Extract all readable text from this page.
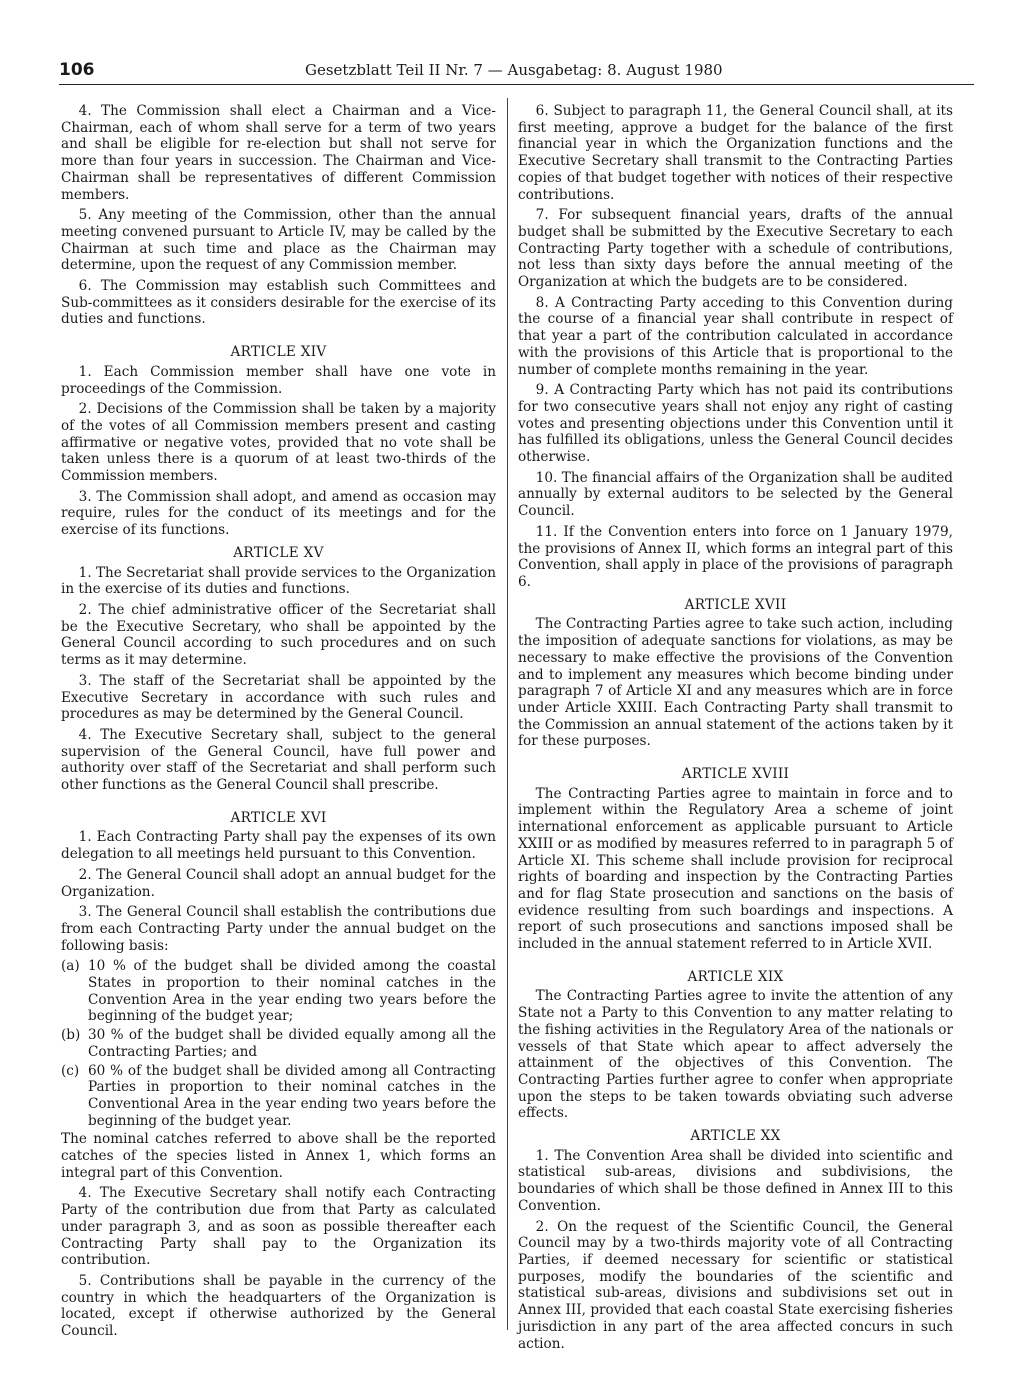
106	Gesetzblatt Teil II Nr. 7 — Ausgabetag: 8. August 1980

4. The Commission shall elect a Chairman and a Vice-Chairman, each of whom shall serve for a term of two years and shall be eligible for re-election but shall not serve for more than four years in succession. The Chairman and Vice-Chairman shall be representatives of different Commission members.

5. Any meeting of the Commission, other than the annual meeting convened pursuant to Article IV, may be called by the Chairman at such time and place as the Chairman may determine, upon the request of any Commission member.

6. The Commission may establish such Committees and Sub-committees as it considers desirable for the exercise of its duties and functions.

ARTICLE XIV

1. Each Commission member shall have one vote in proceedings of the Commission.

2. Decisions of the Commission shall be taken by a majority of the votes of all Commission members present and casting affirmative or negative votes, provided that no vote shall be taken unless there is a quorum of at least two-thirds of the Commission members.

3. The Commission shall adopt, and amend as occasion may require, rules for the conduct of its meetings and for the exercise of its functions.

ARTICLE XV

1. The Secretariat shall provide services to the Organization in the exercise of its duties and functions.

2. The chief administrative officer of the Secretariat shall be the Executive Secretary, who shall be appointed by the General Council according to such procedures and on such terms as it may determine.

3. The staff of the Secretariat shall be appointed by the Executive Secretary in accordance with such rules and procedures as may be determined by the General Council.

4. The Executive Secretary shall, subject to the general supervision of the General Council, have full power and authority over staff of the Secretariat and shall perform such other functions as the General Council shall prescribe.

ARTICLE XVI

1. Each Contracting Party shall pay the expenses of its own delegation to all meetings held pursuant to this Convention.

2. The General Council shall adopt an annual budget for the Organization.

3. The General Council shall establish the contributions due from each Contracting Party under the annual budget on the following basis:

(a) 10 % of the budget shall be divided among the coastal States in proportion to their nominal catches in the Convention Area in the year ending two years before the beginning of the budget year;
(b) 30 % of the budget shall be divided equally among all the Contracting Parties; and
(c) 60 % of the budget shall be divided among all Contracting Parties in proportion to their nominal catches in the Conventional Area in the year ending two years before the beginning of the budget year.

The nominal catches referred to above shall be the reported catches of the species listed in Annex 1, which forms an integral part of this Convention.

4. The Executive Secretary shall notify each Contracting Party of the contribution due from that Party as calculated under paragraph 3, and as soon as possible thereafter each Contracting Party shall pay to the Organization its contribution.

5. Contributions shall be payable in the currency of the country in which the headquarters of the Organization is located, except if otherwise authorized by the General Council.

6. Subject to paragraph 11, the General Council shall, at its first meeting, approve a budget for the balance of the first financial year in which the Organization functions and the Executive Secretary shall transmit to the Contracting Parties copies of that budget together with notices of their respective contributions.

7. For subsequent financial years, drafts of the annual budget shall be submitted by the Executive Secretary to each Contracting Party together with a schedule of contributions, not less than sixty days before the annual meeting of the Organization at which the budgets are to be considered.

8. A Contracting Party acceding to this Convention during the course of a financial year shall contribute in respect of that year a part of the contribution calculated in accordance with the provisions of this Article that is proportional to the number of complete months remaining in the year.

9. A Contracting Party which has not paid its contributions for two consecutive years shall not enjoy any right of casting votes and presenting objections under this Convention until it has fulfilled its obligations, unless the General Council decides otherwise.

10. The financial affairs of the Organization shall be audited annually by external auditors to be selected by the General Council.

11. If the Convention enters into force on 1 January 1979, the provisions of Annex II, which forms an integral part of this Convention, shall apply in place of the provisions of paragraph 6.

ARTICLE XVII

The Contracting Parties agree to take such action, including the imposition of adequate sanctions for violations, as may be necessary to make effective the provisions of the Convention and to implement any measures which become binding under paragraph 7 of Article XI and any measures which are in force under Article XXIII. Each Contracting Party shall transmit to the Commission an annual statement of the actions taken by it for these purposes.

ARTICLE XVIII

The Contracting Parties agree to maintain in force and to implement within the Regulatory Area a scheme of joint international enforcement as applicable pursuant to Article XXIII or as modified by measures referred to in paragraph 5 of Article XI. This scheme shall include provision for reciprocal rights of boarding and inspection by the Contracting Parties and for flag State prosecution and sanctions on the basis of evidence resulting from such boardings and inspections. A report of such prosecutions and sanctions imposed shall be included in the annual statement referred to in Article XVII.

ARTICLE XIX

The Contracting Parties agree to invite the attention of any State not a Party to this Convention to any matter relating to the fishing activities in the Regulatory Area of the nationals or vessels of that State which apear to affect adversely the attainment of the objectives of this Convention. The Contracting Parties further agree to confer when appropriate upon the steps to be taken towards obviating such adverse effects.

ARTICLE XX

1. The Convention Area shall be divided into scientific and statistical sub-areas, divisions and subdivisions, the boundaries of which shall be those defined in Annex III to this Convention.

2. On the request of the Scientific Council, the General Council may by a two-thirds majority vote of all Contracting Parties, if deemed necessary for scientific or statistical purposes, modify the boundaries of the scientific and statistical sub-areas, divisions and subdivisions set out in Annex III, provided that each coastal State exercising fisheries jurisdiction in any part of the area affected concurs in such action.
